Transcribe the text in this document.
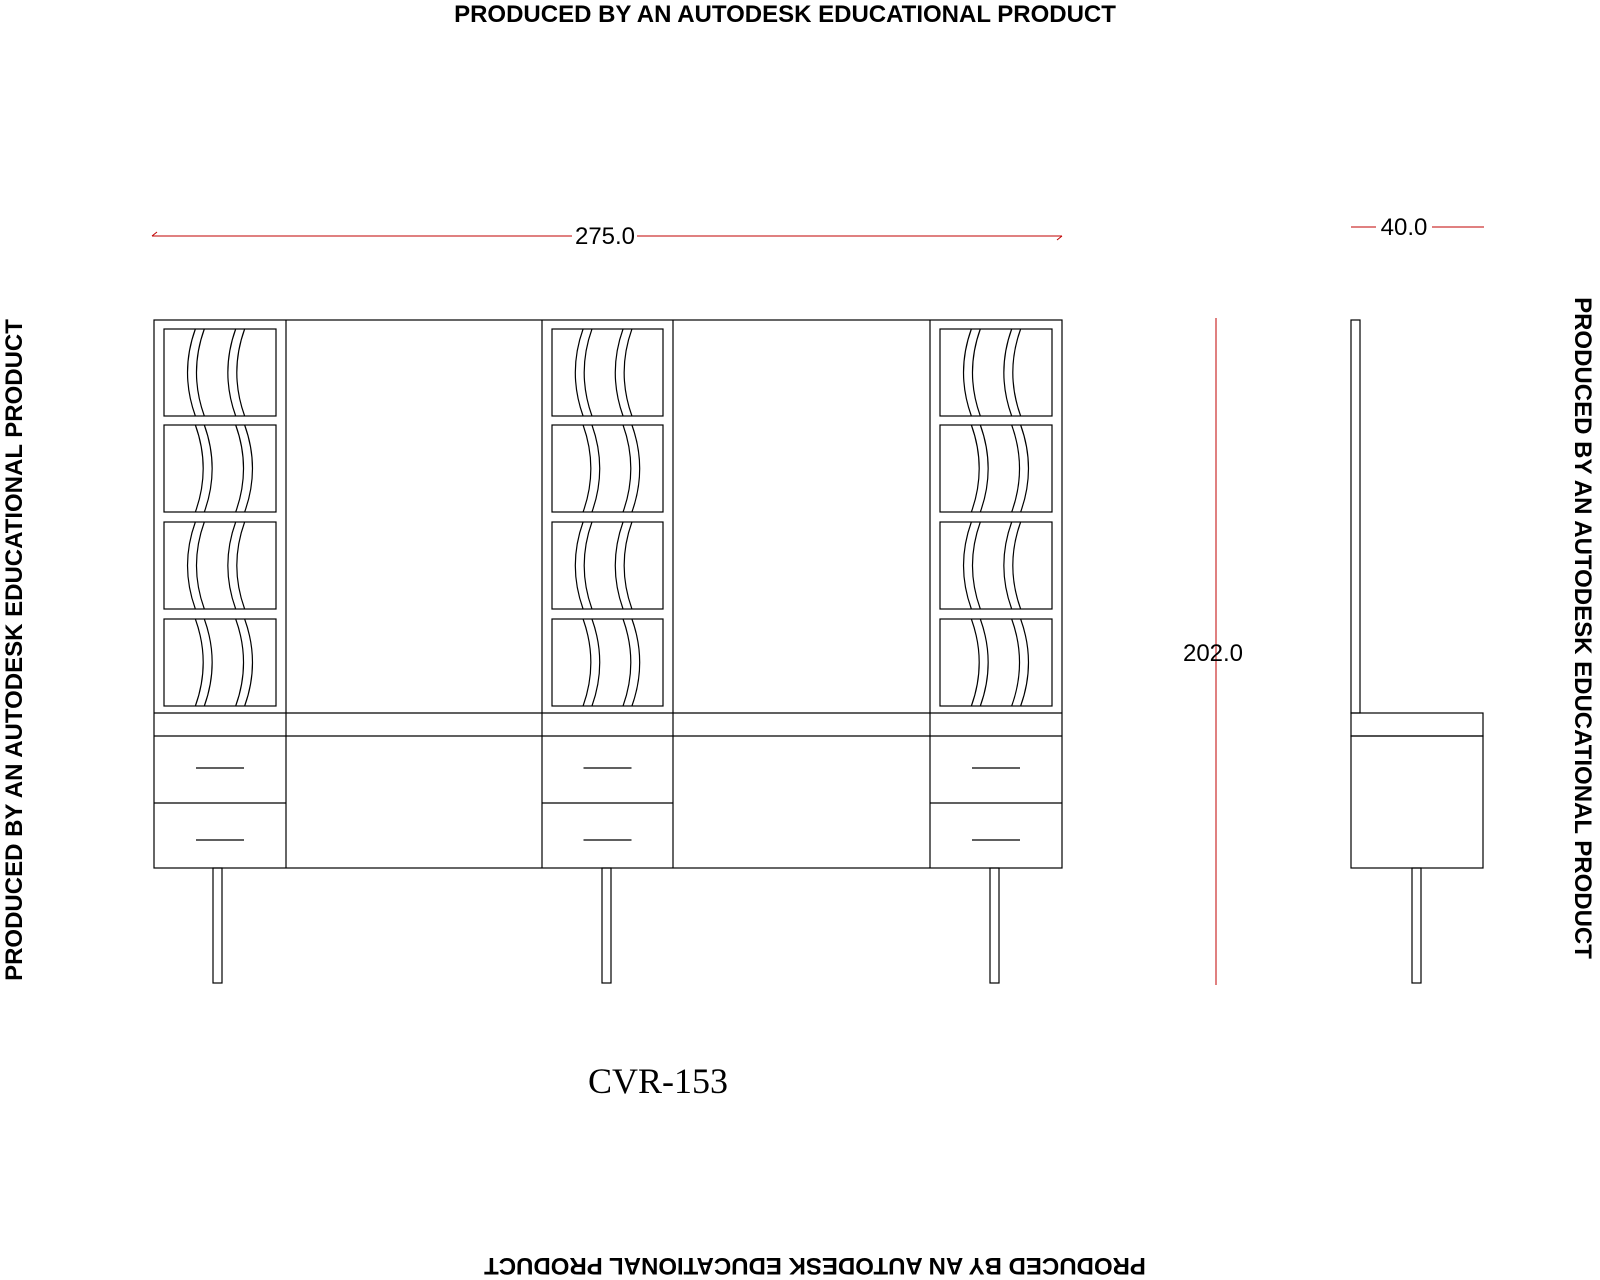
PRODUCED BY AN AUTODESK EDUCATIONAL PRODUCT
PRODUCED BY AN AUTODESK EDUCATIONAL PRODUCT
PRODUCED BY AN AUTODESK EDUCATIONAL PRODUCT	PRODUCED BY AN AUTODESK EDUCATIONAL PRODUCT
275.0
202.0
40.0
CVR-153
